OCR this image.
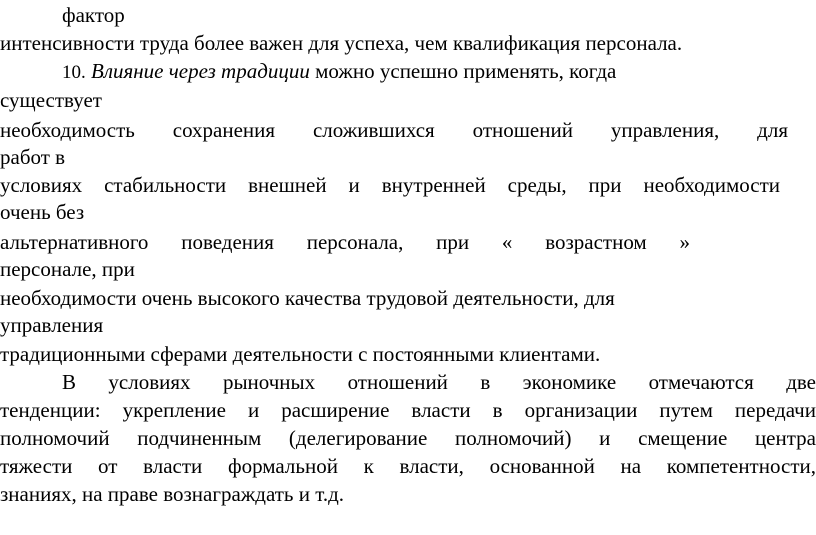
фактор
интенсивности труда более важен для успеха, чем квалификация персонала.
10. Влияние через традиции можно успешно применять, когда
существует
необходимость сохранения сложившихся отношений управления, для
работ в
условиях стабильности внешней и внутренней среды, при необходимости
очень без
альтернативного поведения персонала, при « возрастном »
персонале, при
необходимости очень высокого качества трудовой деятельности, для
управления
традиционными сферами деятельности с постоянными клиентами.
В условиях рыночных отношений в экономике отмечаются две
тенденции: укрепление и расширение власти в организации путем передачи
полномочий подчиненным (делегирование полномочий) и смещение центра
тяжести от власти формальной к власти, основанной на компетентности,
знаниях, на праве вознаграждать и т.д.
